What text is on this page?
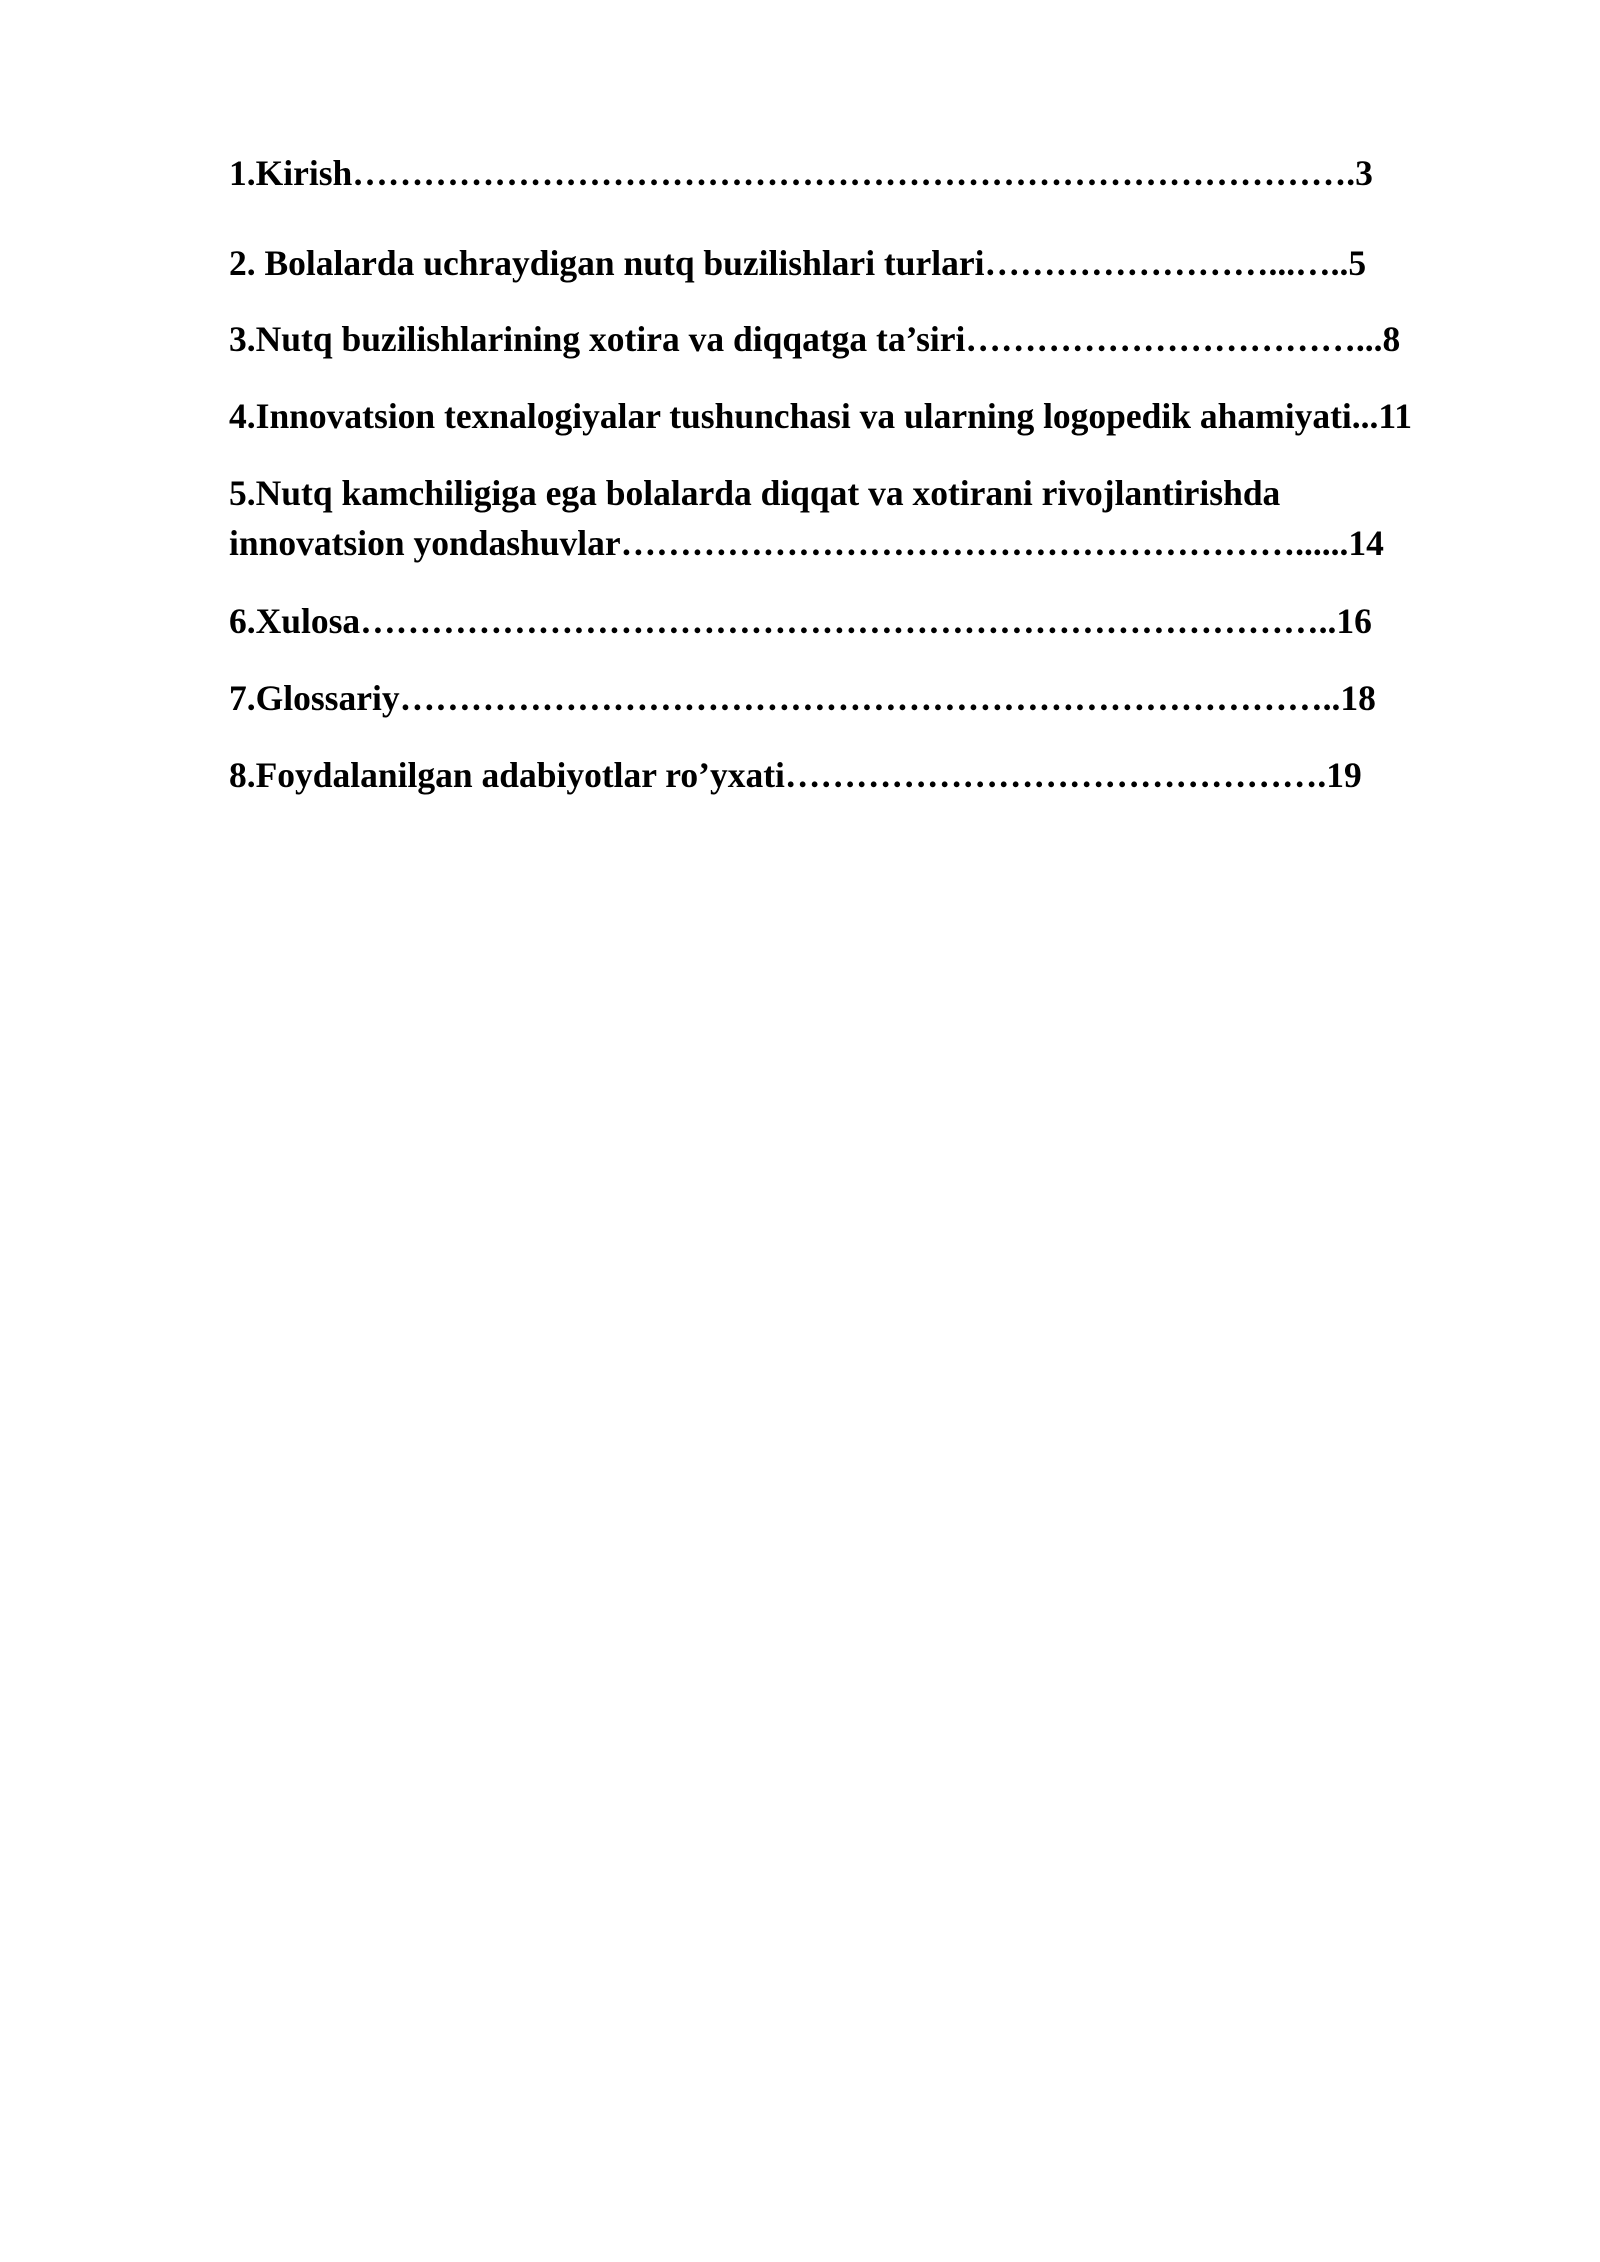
1.Kirish………………………………………………………………………….3

2. Bolalarda uchraydigan nutq buzilishlari turlari……………………...…..5

3.Nutq buzilishlarining xotira va diqqatga ta’siri……………………………...8

4.Innovatsion texnalogiyalar tushunchasi va ularning logopedik ahamiyati...11

5.Nutq kamchiligiga ega bolalarda diqqat va xotirani rivojlantirishda

innovatsion yondashuvlar…………………………………………………......14

6.Xulosa………………………………………………………………………..16

7.Glossariy……………………………………………………………………..18

8.Foydalanilgan adabiyotlar ro’yxati……………………………………….19
